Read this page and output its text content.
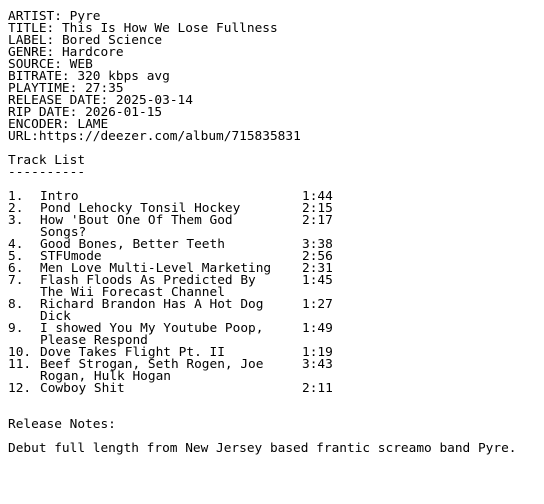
ARTIST: Pyre
TITLE: This Is How We Lose Fullness
LABEL: Bored Science
GENRE: Hardcore
SOURCE: WEB
BITRATE: 320 kbps avg
PLAYTIME: 27:35
RELEASE DATE: 2025-03-14
RIP DATE: 2026-01-15
ENCODER: LAME
URL:https://deezer.com/album/715835831
Track List
----------
1.	Intro	1:44
2.	Pond Lehocky Tonsil Hockey	2:15
3.	How 'Bout One Of Them God	2:17
Songs?
4.	Good Bones, Better Teeth	3:38
5.	STFUmode	2:56
6.	Men Love Multi-Level Marketing	2:31
7.	Flash Floods As Predicted By	1:45
The Wii Forecast Channel
8.	Richard Brandon Has A Hot Dog	1:27
Dick
9.	I showed You My Youtube Poop,	1:49
Please Respond
10. Dove Takes Flight Pt. II	1:19
11. Beef Strogan, Seth Rogen, Joe	3:43
Rogan, Hulk Hogan
12. Cowboy Shit	2:11
Release Notes:
Debut full length from New Jersey based frantic screamo band Pyre.
